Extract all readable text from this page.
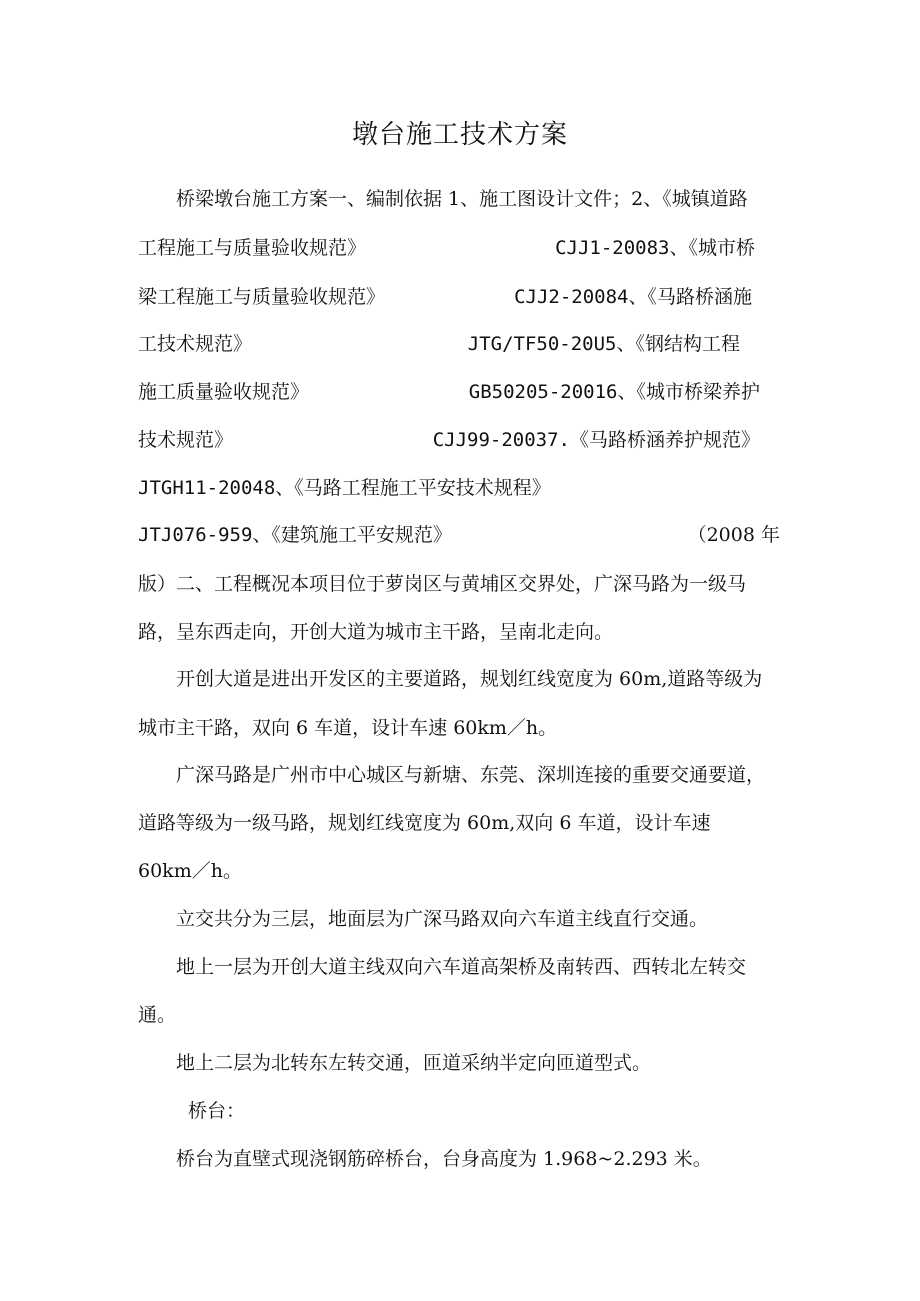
墩台施工技术方案
桥梁墩台施工方案一、编制依据 1、施工图设计文件；2、《城镇道路
工程施工与质量验收规范》	CJJ1-20083、《城市桥
梁工程施工与质量验收规范》	CJJ2-20084、《马路桥涵施
工技术规范》	JTG/TF50-20U5、《钢结构工程
施工质量验收规范》	GB50205-20016、《城市桥梁养护
技术规范》	CJJ99-20037.《马路桥涵养护规范》
JTGH11-20048、《马路工程施工平安技术规程》
JTJ076-959、《建筑施工平安规范》	（2008 年
版）二、工程概况本项目位于萝岗区与黄埔区交界处，广深马路为一级马
路，呈东西走向，开创大道为城市主干路，呈南北走向。
开创大道是进出开发区的主要道路，规划红线宽度为 60m,道路等级为
城市主干路，双向 6 车道，设计车速 60km／h。
广深马路是广州市中心城区与新塘、东莞、深圳连接的重要交通要道，
道路等级为一级马路，规划红线宽度为 60m,双向 6 车道，设计车速
60km／h。
立交共分为三层，地面层为广深马路双向六车道主线直行交通。
地上一层为开创大道主线双向六车道高架桥及南转西、西转北左转交
通。
地上二层为北转东左转交通，匝道采纳半定向匝道型式。
桥台：
桥台为直壁式现浇钢筋碎桥台，台身高度为 1.968~2.293 米。
